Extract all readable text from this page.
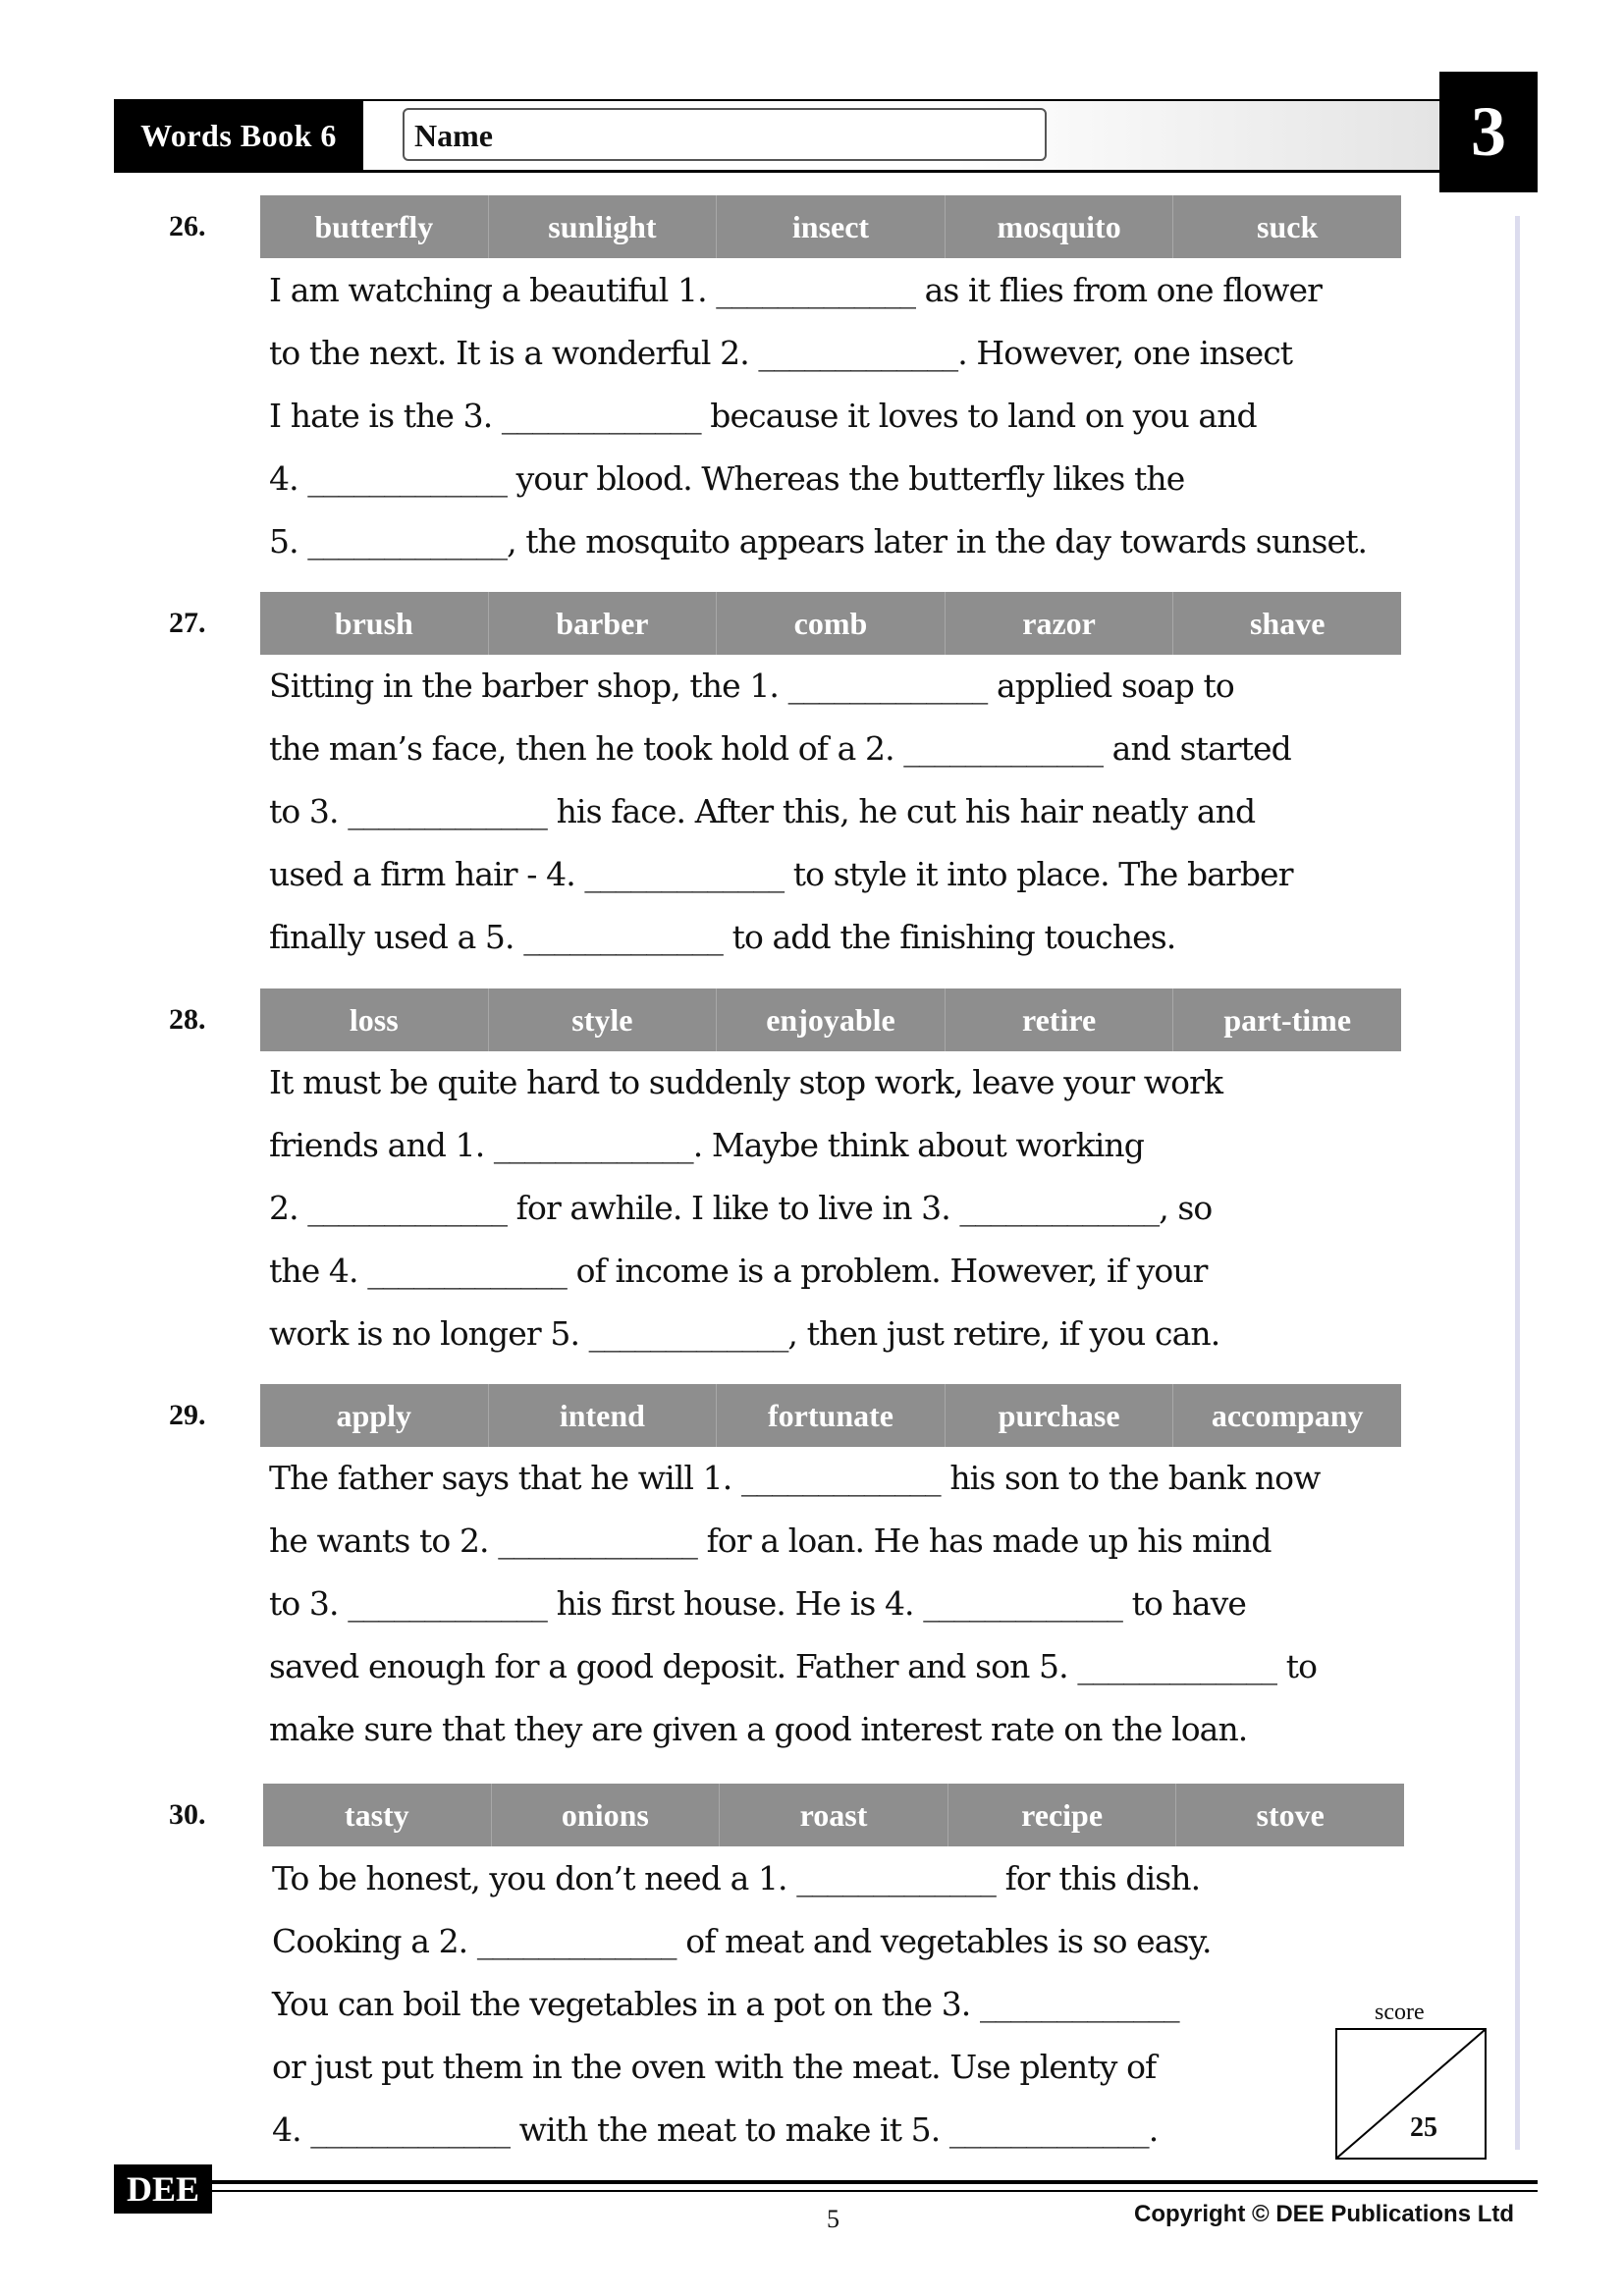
Words Book 6	Name	3
26.	butterfly	sunlight	insect	mosquito	suck
I am watching a beautiful 1. _____________ as it flies from one flower
to the next. It is a wonderful 2. _____________. However, one insect
I hate is the 3. _____________ because it loves to land on you and
4. _____________ your blood. Whereas the butterfly likes the
5. _____________, the mosquito appears later in the day towards sunset.
27.	brush	barber	comb	razor	shave
Sitting in the barber shop, the 1. _____________ applied soap to
the man’s face, then he took hold of a 2. _____________ and started
to 3. _____________ his face. After this, he cut his hair neatly and
used a firm hair - 4. _____________ to style it into place. The barber
finally used a 5. _____________ to add the finishing touches.
28.	loss	style	enjoyable	retire	part-time
It must be quite hard to suddenly stop work, leave your work
friends and 1. _____________. Maybe think about working
2. _____________ for awhile. I like to live in 3. _____________, so
the 4. _____________ of income is a problem. However, if your
work is no longer 5. _____________, then just retire, if you can.
29.	apply	intend	fortunate	purchase	accompany
The father says that he will 1. _____________ his son to the bank now
he wants to 2. _____________ for a loan. He has made up his mind
to 3. _____________ his first house. He is 4. _____________ to have
saved enough for a good deposit. Father and son 5. _____________ to
make sure that they are given a good interest rate on the loan.
30.	tasty	onions	roast	recipe	stove
To be honest, you don’t need a 1. _____________ for this dish.
Cooking a 2. _____________ of meat and vegetables is so easy.
You can boil the vegetables in a pot on the 3. _____________
or just put them in the oven with the meat. Use plenty of
4. _____________ with the meat to make it 5. _____________.
score
25
DEE
5	Copyright © DEE Publications Ltd
